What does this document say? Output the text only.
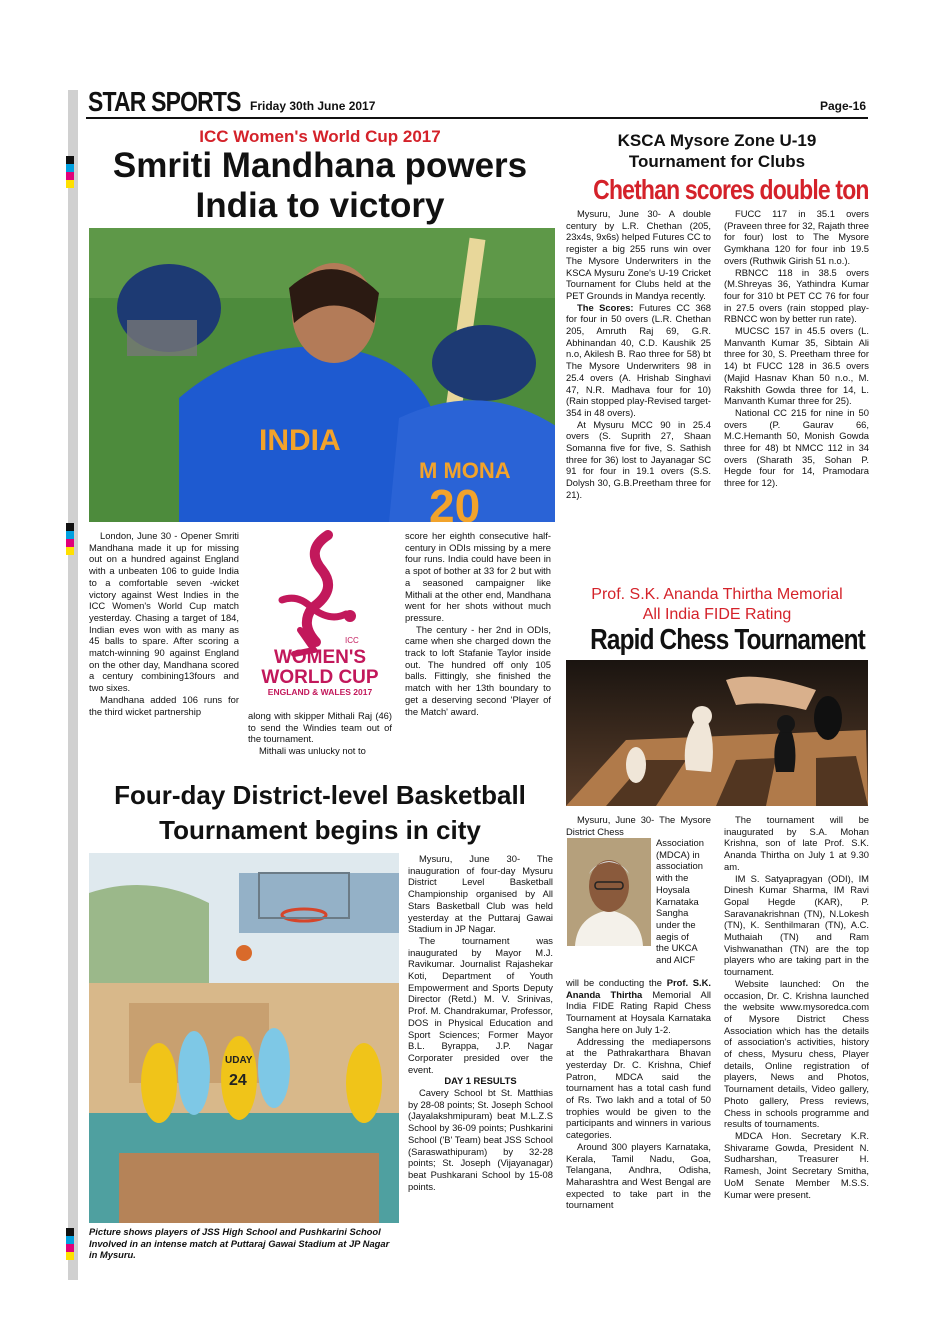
STAR SPORTS Friday 30th June 2017	Page-16
ICC Women's World Cup 2017
Smriti Mandhana powers
India to victory
INDIA
M MONA
20

London, June 30 - Opener Smriti Mandhana made it up for missing out on a hundred against England with a unbeaten 106 to guide India to a comfortable seven -wicket victory against West Indies in the ICC Women's World Cup match yesterday. Chasing a target of 184, Indian eves won with as many as 45 balls to spare. After scoring a match-winning 90 against England on the other day, Mandhana scored a century combining13fours and two sixes.

Mandhana added 106 runs for the third wicket partnership

ICC
WOMEN'S
WORLD CUP
ENGLAND & WALES 2017

along with skipper Mithali Raj (46) to send the Windies team out of the tournament.

Mithali was unlucky not to

score her eighth consecutive half-century in ODIs missing by a mere four runs. India could have been in a spot of bother at 33 for 2 but with a seasoned campaigner like Mithali at the other end, Mandhana went for her shots without much pressure.

The century - her 2nd in ODIs, came when she charged down the track to loft Stafanie Taylor inside out. The hundred off only 105 balls. Fittingly, she finished the match with her 13th boundary to get a deserving second 'Player of the Match' award.

KSCA Mysore Zone U-19
Tournament for Clubs
Chethan scores double ton

Mysuru, June 30- A double century by L.R. Chethan (205, 23x4s, 9x6s) helped Futures CC to register a big 255 runs win over The Mysore Underwriters in the KSCA Mysuru Zone's U-19 Cricket Tournament for Clubs held at the PET Grounds in Mandya recently.

The Scores: Futures CC 368 for four in 50 overs (L.R. Chethan 205, Amruth Raj 69, G.R. Abhinandan 40, C.D. Kaushik 25 n.o, Akilesh B. Rao three for 58) bt The Mysore Underwriters 98 in 25.4 overs (A. Hrishab Singhavi 47, N.R. Madhava four for 10) (Rain stopped play-Revised target-354 in 48 overs).

At Mysuru MCC 90 in 25.4 overs (S. Suprith 27, Shaan Somanna five for five, S. Sathish three for 36) lost to Jayanagar SC 91 for four in 19.1 overs (S.S. Dolysh 30, G.B.Preetham three for 21).

FUCC 117 in 35.1 overs (Praveen three for 32, Rajath three for four) lost to The Mysore Gymkhana 120 for four inb 19.5 overs (Ruthwik Girish 51 n.o.).

RBNCC 118 in 38.5 overs (M.Shreyas 36, Yathindra Kumar four for 310 bt PET CC 76 for four in 27.5 overs (rain stopped play-RBNCC won by better run rate).

MUCSC 157 in 45.5 overs (L. Manvanth Kumar 35, Sibtain Ali three for 30, S. Preetham three for 14) bt FUCC 128 in 36.5 overs (Majid Hasnav Khan 50 n.o., M. Rakshith Gowda three for 14, L. Manvanth Kumar three for 25).

National CC 215 for nine in 50 overs (P. Gaurav 66, M.C.Hemanth 50, Monish Gowda three for 48) bt NMCC 112 in 34 overs (Sharath 35, Sohan P. Hegde four for 14, Pramodara three for 12).

Prof. S.K. Ananda Thirtha Memorial
All India FIDE Rating
Rapid Chess Tournament
Mysuru, June 30- The Mysore District Chess
Association
(MDCA) in
association
with the
Hoysala
Karnataka
Sangha
under the
aegis of
the UKCA
and AICF

will be conducting the Prof. S.K. Ananda Thirtha Memorial All India FIDE Rating Rapid Chess Tournament at Hoysala Karnataka Sangha here on July 1-2.

Addressing the mediapersons at the Pathrakarthara Bhavan yesterday Dr. C. Krishna, Chief Patron, MDCA said the tournament has a total cash fund of Rs. Two lakh and a total of 50 trophies would be given to the participants and winners in various categories.

Around 300 players Karnataka, Kerala, Tamil Nadu, Goa, Telangana, Andhra, Odisha, Maharashtra and West Bengal are expected to take part in the tournament

The tournament will be inaugurated by S.A. Mohan Krishna, son of late Prof. S.K. Ananda Thirtha on July 1 at 9.30 am.

IM S. Satyapragyan (ODI), IM Dinesh Kumar Sharma, IM Ravi Gopal Hegde (KAR), P. Saravanakrishnan (TN), N.Lokesh (TN), K. Senthilmaran (TN), A.C. Muthaiah (TN) and Ram Vishwanathan (TN) are the top players who are taking part in the tournament.

Website launched: On the occasion, Dr. C. Krishna launched the website www.mysoredca.com of Mysore District Chess Association which has the details of association's activities, history of chess, Mysuru chess, Player details, Online registration of players, News and Photos, Tournament details, Video gallery, Photo gallery, Press reviews, Chess in schools programme and results of tournaments.

MDCA Hon. Secretary K.R. Shivarame Gowda, President N. Sudharshan, Treasurer H. Ramesh, Joint Secretary Smitha, UoM Senate Member M.S.S. Kumar were present.

Four-day District-level Basketball
Tournament begins in city
UDAY
24
Picture shows players of JSS High School and Pushkarini School Involved in an intense match at Puttaraj Gawai Stadium at JP Nagar in Mysuru.

Mysuru, June 30- The inauguration of four-day Mysuru District Level Basketball Championship organised by All Stars Basketball Club was held yesterday at the Puttaraj Gawai Stadium in JP Nagar.

The tournament was inaugurated by Mayor M.J. Ravikumar. Journalist Rajashekar Koti, Department of Youth Empowerment and Sports Deputy Director (Retd.) M. V. Srinivas, Prof. M. Chandrakumar, Professor, DOS in Physical Education and Sport Sciences; Former Mayor B.L. Byrappa, J.P. Nagar Corporater presided over the event.

DAY 1 RESULTS

Cavery School bt St. Matthias by 28-08 points; St. Joseph School (Jayalakshmipuram) beat M.L.Z.S School by 36-09 points; Pushkarini School ('B' Team) beat JSS School (Saraswathipuram) by 32-28 points; St. Joseph (Vijayanagar) beat Pushkarani School by 15-08 points.
